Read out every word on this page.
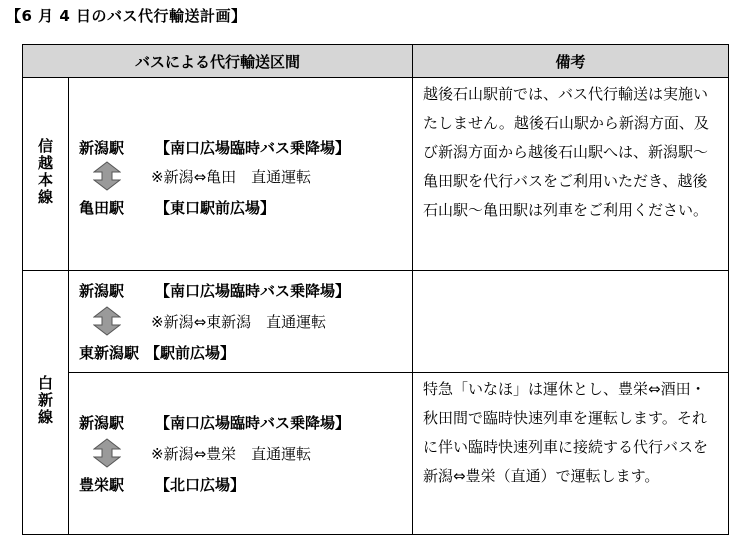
【6 月 4 日のバス代行輸送計画】
バスによる代行輸送区間		備考
信越本線	新潟駅 【南口広場臨時バス乗降場】
※新潟⇔亀田　直通運転
亀田駅 【東口駅前広場】	越後石山駅前では、バス代行輸送は実施いたしません。越後石山駅から新潟方面、及び新潟方面から越後石山駅へは、新潟駅～亀田駅を代行バスをご利用いただき、越後石山駅～亀田駅は列車をご利用ください。
白新線	新潟駅 【南口広場臨時バス乗降場】
※新潟⇔東新潟　直通運転
東新潟駅 【駅前広場】	

	新潟駅 【南口広場臨時バス乗降場】
※新潟⇔豊栄　直通運転
豊栄駅 【北口広場】	特急「いなほ」は運休とし、豊栄⇔酒田・秋田間で臨時快速列車を運転します。それに伴い臨時快速列車に接続する代行バスを新潟⇔豊栄（直通）で運転します。
